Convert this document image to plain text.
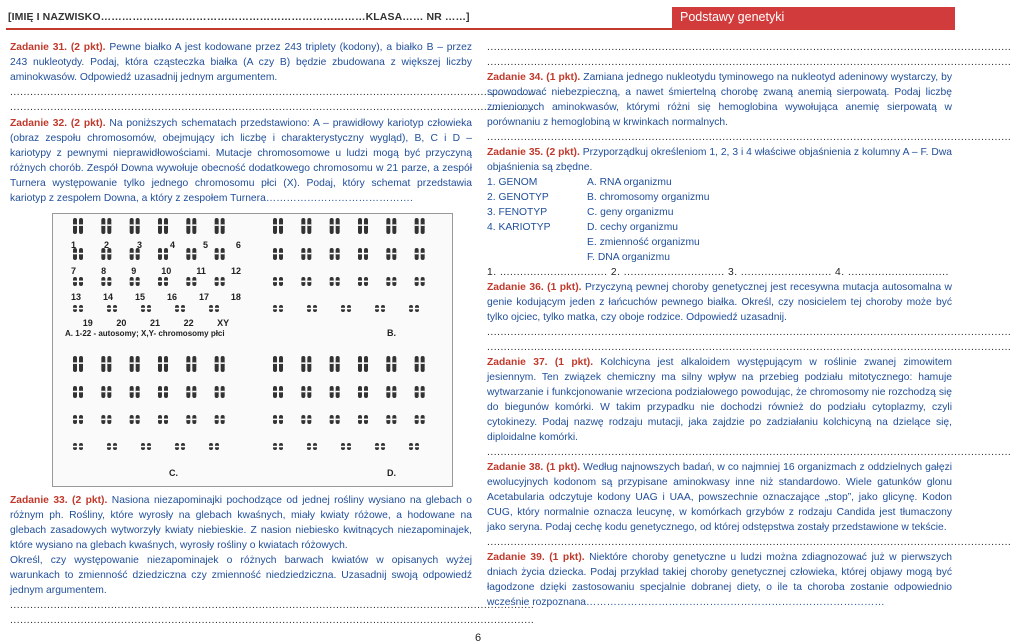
[IMIĘ I NAZWISKO…………………………………………………………………KLASA…… NR ……]	Podstawy genetyki

Zadanie 31. (2 pkt). Pewne białko A jest kodowane przez 243 triplety (kodony), a białko B – przez 243 nukleotydy. Podaj, która cząsteczka białka (A czy B) będzie zbudowana z większej liczby aminokwasów. Odpowiedź uzasadnij jednym argumentem.

............................................................................................................................................................

............................................................................................................................................................

Zadanie 32. (2 pkt). Na poniższych schematach przedstawiono: A – prawidłowy kariotyp człowieka (obraz zespołu chromosomów, obejmujący ich liczbę i charakterystyczny wygląd), B, C i D – kariotypy z pewnymi nieprawidłowościami. Mutacje chromosomowe u ludzi mogą być przyczyną różnych chorób. Zespół Downa wywołuje obecność dodatkowego chromosomu w 21 parze, a zespół Turnera występowanie tylko jednego chromosomu płci (X). Podaj, który schemat przedstawia kariotyp z zespołem Downa, a który z zespołem Turnera…………………………………….

1	2	3	4	5	6
7	8	9	10	11	12
13 14 15 16 17 18
19	20	21	22	XY
A. 1-22 - autosomy; X,Y- chromosomy płci	B.
C.	D.

Zadanie 33. (2 pkt). Nasiona niezapominajki pochodzące od jednej rośliny wysiano na glebach o różnym ph. Rośliny, które wyrosły na glebach kwaśnych, miały kwiaty różowe, a hodowane na glebach zasadowych wytworzyły kwiaty niebieskie. Z nasion niebiesko kwitnących niezapominajek, które wysiano na glebach kwaśnych, wyrosły rośliny o kwiatach różowych.

Określ, czy występowanie niezapominajek o różnych barwach kwiatów w opisanych wyżej warunkach to zmienność dziedziczna czy zmienność niedziedziczna. Uzasadnij swoją odpowiedź jednym argumentem.

............................................................................................................................................................

............................................................................................................................................................

............................................................................................................................................................

............................................................................................................................................................

Zadanie 34. (1 pkt). Zamiana jednego nukleotydu tyminowego na nukleotyd adeninowy wystarczy, by spowodować niebezpieczną, a nawet śmiertelną chorobę zwaną anemią sierpowatą. Podaj liczbę zmienionych aminokwasów, którymi różni się hemoglobina wywołująca anemię sierpowatą w porównaniu z hemoglobiną w krwinkach normalnych.

............................................................................................................................................................

Zadanie 35. (2 pkt). Przyporządkuj określeniom 1, 2, 3 i 4 właściwe objaśnienia z kolumny A – F. Dwa objaśnienia są zbędne.

1. GENOM	A. RNA organizmu
2. GENOTYP	B. chromosomy organizmu
3. FENOTYP	C. geny organizmu
4. KARIOTYP	D. cechy organizmu
E. zmienność organizmu
F. DNA organizmu

1. ................................ 2. .............................. 3. ........................... 4. ..............................

Zadanie 36. (1 pkt). Przyczyną pewnej choroby genetycznej jest recesywna mutacja autosomalna w genie kodującym jeden z łańcuchów pewnego białka. Określ, czy nosicielem tej choroby może być tylko ojciec, tylko matka, czy oboje rodzice. Odpowiedź uzasadnij.

............................................................................................................................................................

............................................................................................................................................................

Zadanie 37. (1 pkt). Kolchicyna jest alkaloidem występującym w roślinie zwanej zimowitem jesiennym. Ten związek chemiczny ma silny wpływ na przebieg podziału mitotycznego: hamuje wytwarzanie i funkcjonowanie wrzeciona podziałowego powodując, że chromosomy nie rozchodzą się do biegunów komórki. W takim przypadku nie dochodzi również do podziału cytoplazmy, czyli cytokinezy. Podaj nazwę rodzaju mutacji, jaka zajdzie po zadziałaniu kolchicyną na dzielące się, diploidalne komórki.

............................................................................................................................................................

Zadanie 38. (1 pkt). Według najnowszych badań, w co najmniej 16 organizmach z oddzielnych gałęzi ewolucyjnych kodonom są przypisane aminokwasy inne niż standardowo. Wiele gatunków glonu Acetabularia odczytuje kodony UAG i UAA, powszechnie oznaczające „stop”, jako glicynę. Kodon CUG, który normalnie oznacza leucynę, w komórkach grzybów z rodzaju Candida jest tłumaczony jako seryna. Podaj cechę kodu genetycznego, od której odstępstwa zostały przedstawione w tekście.

............................................................................................................................................................

Zadanie 39. (1 pkt). Niektóre choroby genetyczne u ludzi można zdiagnozować już w pierwszych dniach życia dziecka. Podaj przykład takiej choroby genetycznej człowieka, której objawy mogą być łagodzone dzięki zastosowaniu specjalnie dobranej diety, o ile ta choroba zostanie odpowiednio wcześnie rozpoznana……………………………………………………………………………

6
